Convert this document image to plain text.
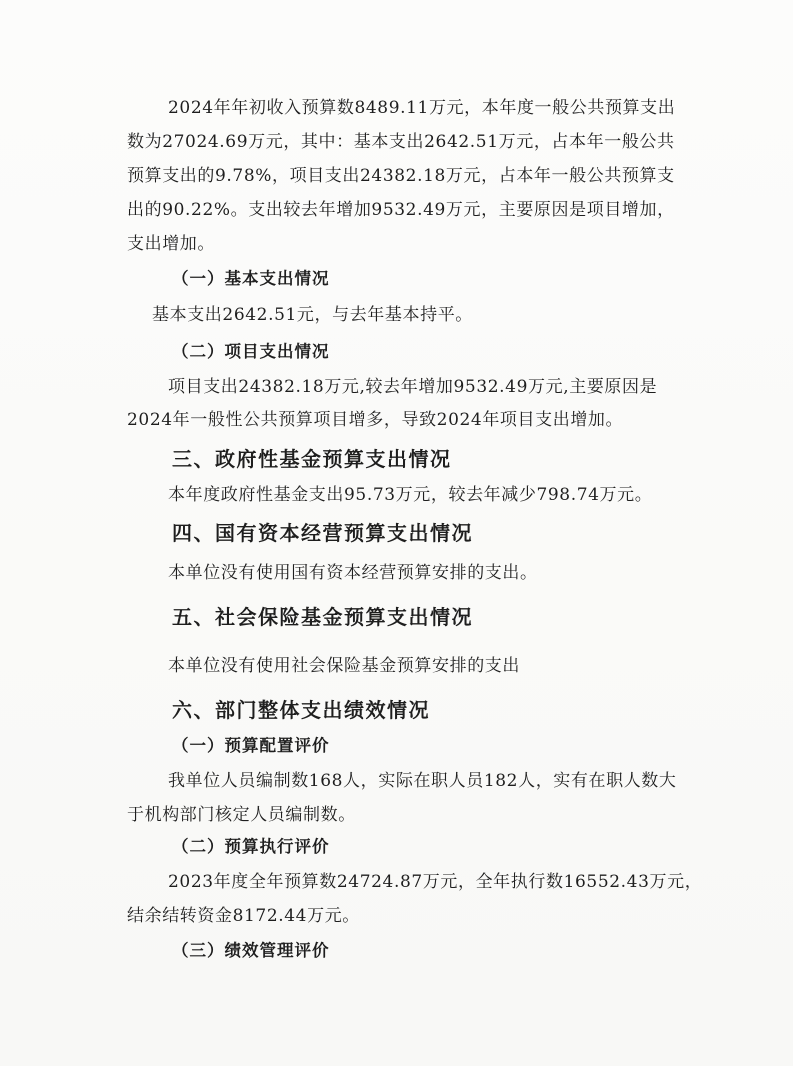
2024年年初收入预算数8489.11万元，本年度一般公共预算支出
数为27024.69万元，其中：基本支出2642.51万元，占本年一般公共
预算支出的9.78%，项目支出24382.18万元，占本年一般公共预算支
出的90.22%。支出较去年增加9532.49万元，主要原因是项目增加，
支出增加。
（一）基本支出情况
基本支出2642.51元，与去年基本持平。
（二）项目支出情况
项目支出24382.18万元,较去年增加9532.49万元,主要原因是
2024年一般性公共预算项目增多，导致2024年项目支出增加。
三、政府性基金预算支出情况
本年度政府性基金支出95.73万元，较去年减少798.74万元。
四、国有资本经营预算支出情况
本单位没有使用国有资本经营预算安排的支出。
五、社会保险基金预算支出情况
本单位没有使用社会保险基金预算安排的支出
六、部门整体支出绩效情况
（一）预算配置评价
我单位人员编制数168人，实际在职人员182人，实有在职人数大
于机构部门核定人员编制数。
（二）预算执行评价
2023年度全年预算数24724.87万元，全年执行数16552.43万元，
结余结转资金8172.44万元。
（三）绩效管理评价
